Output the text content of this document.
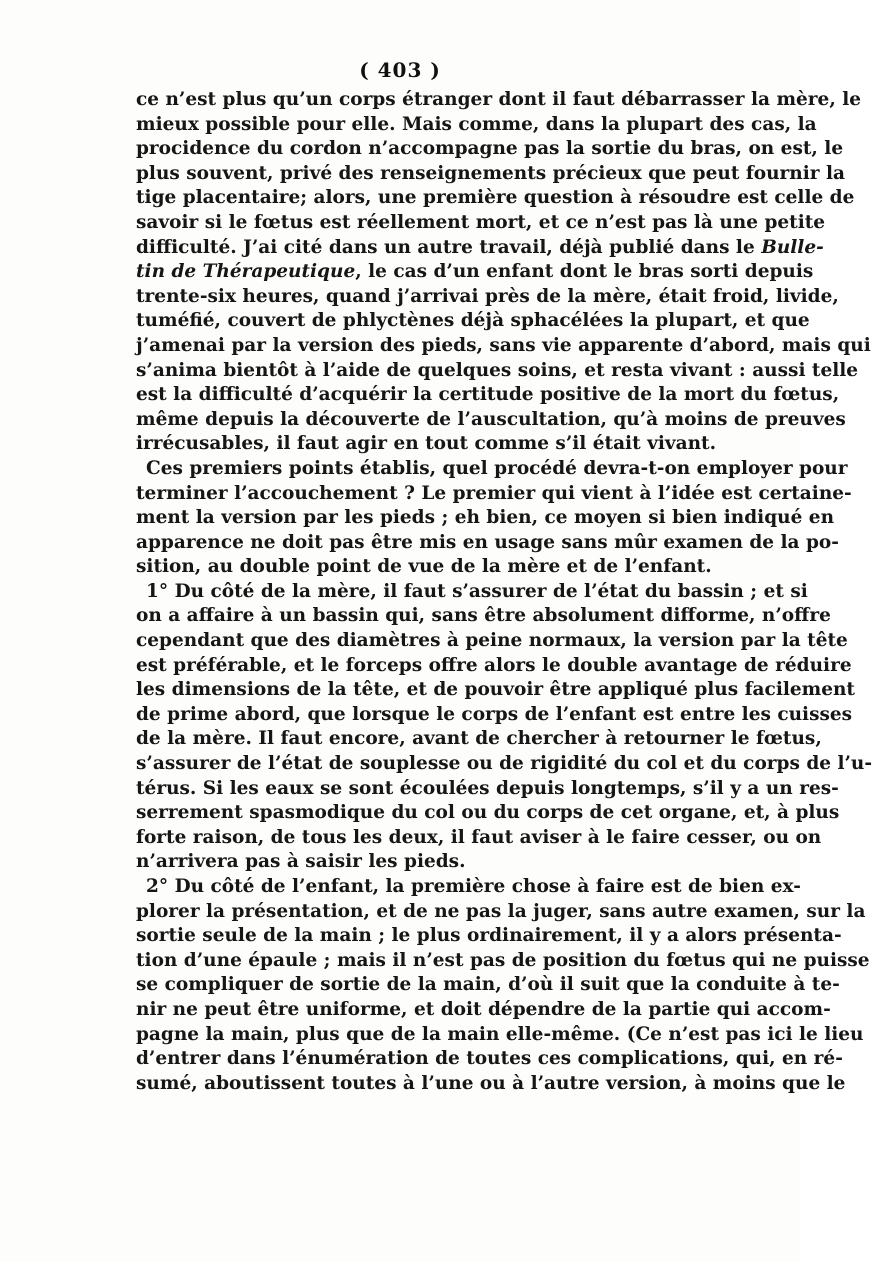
( 403 )
ce n’est plus qu’un corps étranger dont il faut débarrasser la mère, le
mieux possible pour elle. Mais comme, dans la plupart des cas, la
procidence du cordon n’accompagne pas la sortie du bras, on est, le
plus souvent, privé des renseignements précieux que peut fournir la
tige placentaire; alors, une première question à résoudre est celle de
savoir si le fœtus est réellement mort, et ce n’est pas là une petite
difficulté. J’ai cité dans un autre travail, déjà publié dans le Bulle-
tin de Thérapeutique, le cas d’un enfant dont le bras sorti depuis
trente-six heures, quand j’arrivai près de la mère, était froid, livide,
tuméfié, couvert de phlyctènes déjà sphacélées la plupart, et que
j’amenai par la version des pieds, sans vie apparente d’abord, mais qui
s’anima bientôt à l’aide de quelques soins, et resta vivant : aussi telle
est la difficulté d’acquérir la certitude positive de la mort du fœtus,
même depuis la découverte de l’auscultation, qu’à moins de preuves
irrécusables, il faut agir en tout comme s’il était vivant.
Ces premiers points établis, quel procédé devra-t-on employer pour
terminer l’accouchement ? Le premier qui vient à l’idée est certaine-
ment la version par les pieds ; eh bien, ce moyen si bien indiqué en
apparence ne doit pas être mis en usage sans mûr examen de la po-
sition, au double point de vue de la mère et de l’enfant.
1° Du côté de la mère, il faut s’assurer de l’état du bassin ; et si
on a affaire à un bassin qui, sans être absolument difforme, n’offre
cependant que des diamètres à peine normaux, la version par la tête
est préférable, et le forceps offre alors le double avantage de réduire
les dimensions de la tête, et de pouvoir être appliqué plus facilement
de prime abord, que lorsque le corps de l’enfant est entre les cuisses
de la mère. Il faut encore, avant de chercher à retourner le fœtus,
s’assurer de l’état de souplesse ou de rigidité du col et du corps de l’u-
térus. Si les eaux se sont écoulées depuis longtemps, s’il y a un res-
serrement spasmodique du col ou du corps de cet organe, et, à plus
forte raison, de tous les deux, il faut aviser à le faire cesser, ou on
n’arrivera pas à saisir les pieds.
2° Du côté de l’enfant, la première chose à faire est de bien ex-
plorer la présentation, et de ne pas la juger, sans autre examen, sur la
sortie seule de la main ; le plus ordinairement, il y a alors présenta-
tion d’une épaule ; mais il n’est pas de position du fœtus qui ne puisse
se compliquer de sortie de la main, d’où il suit que la conduite à te-
nir ne peut être uniforme, et doit dépendre de la partie qui accom-
pagne la main, plus que de la main elle-même. (Ce n’est pas ici le lieu
d’entrer dans l’énumération de toutes ces complications, qui, en ré-
sumé, aboutissent toutes à l’une ou à l’autre version, à moins que le
